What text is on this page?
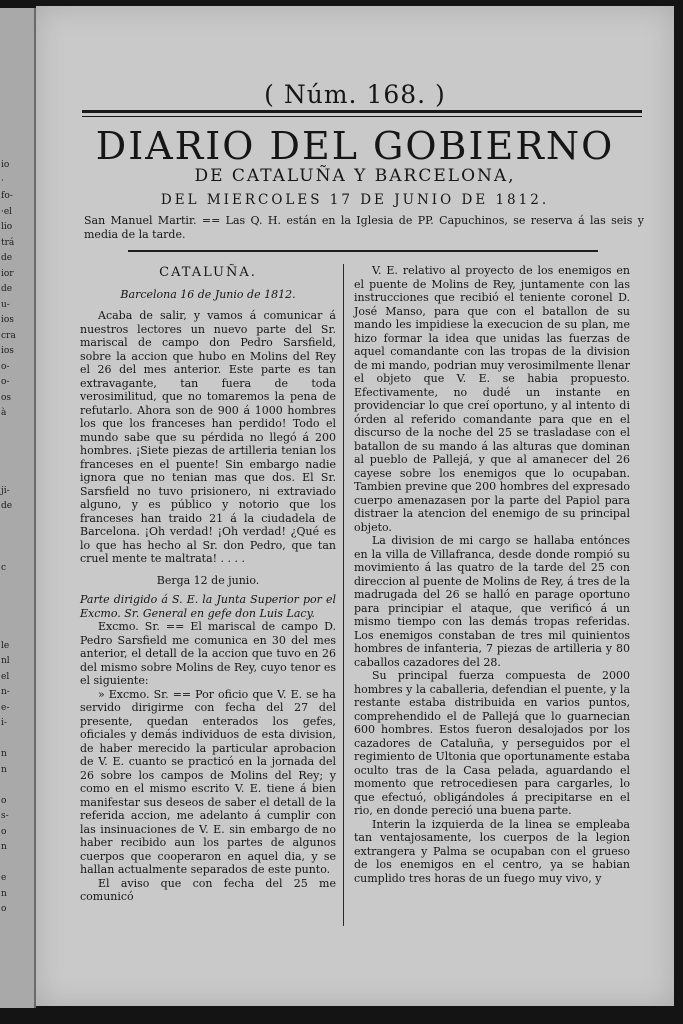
io
·
fo-
·el
lio
trá
de
ior
de
u-
ios
cra
ios
o-
o-
os
à

ji-
de

c

le
nl
el
n-
e-
i-

n
n

o
s-
o
n

e
n
o
( Núm. 168. )
DIARIO DEL GOBIERNO
DE CATALUÑA Y BARCELONA,
DEL MIERCOLES 17 DE JUNIO DE 1812.
San Manuel Martir. == Las Q. H. están en la Iglesia de PP. Capuchinos, se reserva á las seis y media de la tarde.
CATALUÑA.
Barcelona 16 de Junio de 1812.

Acaba de salir, y vamos á comunicar á nuestros lectores un nuevo parte del Sr. mariscal de campo don Pedro Sarsfield, sobre la accion que hubo en Molins del Rey el 26 del mes anterior. Este parte es tan extravagante, tan fuera de toda verosimilitud, que no tomaremos la pena de refutarlo. Ahora son de 900 á 1000 hombres los que los franceses han perdido! Todo el mundo sabe que su pérdida no llegó á 200 hombres. ¡Siete piezas de artilleria tenian los franceses en el puente! Sin embargo nadie ignora que no tenian mas que dos. El Sr. Sarsfield no tuvo prisionero, ni extraviado alguno, y es público y notorio que los franceses han traido 21 á la ciudadela de Barcelona. ¡Oh verdad! ¡Oh verdad! ¿Qué es lo que has hecho al Sr. don Pedro, que tan cruel mente te maltrata! . . . .

Berga 12 de junio.

Parte dirigido á S. E. la Junta Superior por el Excmo. Sr. General en gefe don Luis Lacy.

Excmo. Sr. == El mariscal de campo D. Pedro Sarsfield me comunica en 30 del mes anterior, el detall de la accion que tuvo en 26 del mismo sobre Molins de Rey, cuyo tenor es el siguiente:

» Excmo. Sr. == Por oficio que V. E. se ha servido dirigirme con fecha del 27 del presente, quedan enterados los gefes, oficiales y demás individuos de esta division, de haber merecido la particular aprobacion de V. E. cuanto se practicó en la jornada del 26 sobre los campos de Molins del Rey; y como en el mismo escrito V. E. tiene á bien manifestar sus deseos de saber el detall de la referida accion, me adelanto á cumplir con las insinuaciones de V. E. sin embargo de no haber recibido aun los partes de algunos cuerpos que cooperaron en aquel dia, y se hallan actualmente separados de este punto.

El aviso que con fecha del 25 me comunicó

V. E. relativo al proyecto de los enemigos en el puente de Molins de Rey, juntamente con las instrucciones que recibió el teniente coronel D. José Manso, para que con el batallon de su mando les impidiese la execucion de su plan, me hizo formar la idea que unidas las fuerzas de aquel comandante con las tropas de la division de mi mando, podrian muy verosimilmente llenar el objeto que V. E. se habia propuesto. Efectivamente, no dudé un instante en providenciar lo que creí oportuno, y al intento di órden al referido comandante para que en el discurso de la noche del 25 se trasladase con el batallon de su mando á las alturas que dominan al pueblo de Pallejá, y que al amanecer del 26 cayese sobre los enemigos que lo ocupaban. Tambien previne que 200 hombres del expresado cuerpo amenazasen por la parte del Papiol para distraer la atencion del enemigo de su principal objeto.

La division de mi cargo se hallaba entónces en la villa de Villafranca, desde donde rompió su movimiento á las quatro de la tarde del 25 con direccion al puente de Molins de Rey, á tres de la madrugada del 26 se halló en parage oportuno para principiar el ataque, que verificó á un mismo tiempo con las demás tropas referidas. Los enemigos constaban de tres mil quinientos hombres de infanteria, 7 piezas de artilleria y 80 caballos cazadores del 28.

Su principal fuerza compuesta de 2000 hombres y la caballeria, defendian el puente, y la restante estaba distribuida en varios puntos, comprehendido el de Pallejá que lo guarnecian 600 hombres. Estos fueron desalojados por los cazadores de Cataluña, y perseguidos por el regimiento de Ultonia que oportunamente estaba oculto tras de la Casa pelada, aguardando el momento que retrocediesen para cargarles, lo que efectuó, obligándoles á precipitarse en el rio, en donde pereció una buena parte.

Interin la izquierda de la linea se empleaba tan ventajosamente, los cuerpos de la legion extrangera y Palma se ocupaban con el grueso de los enemigos en el centro, ya se habian cumplido tres horas de un fuego muy vivo, y
